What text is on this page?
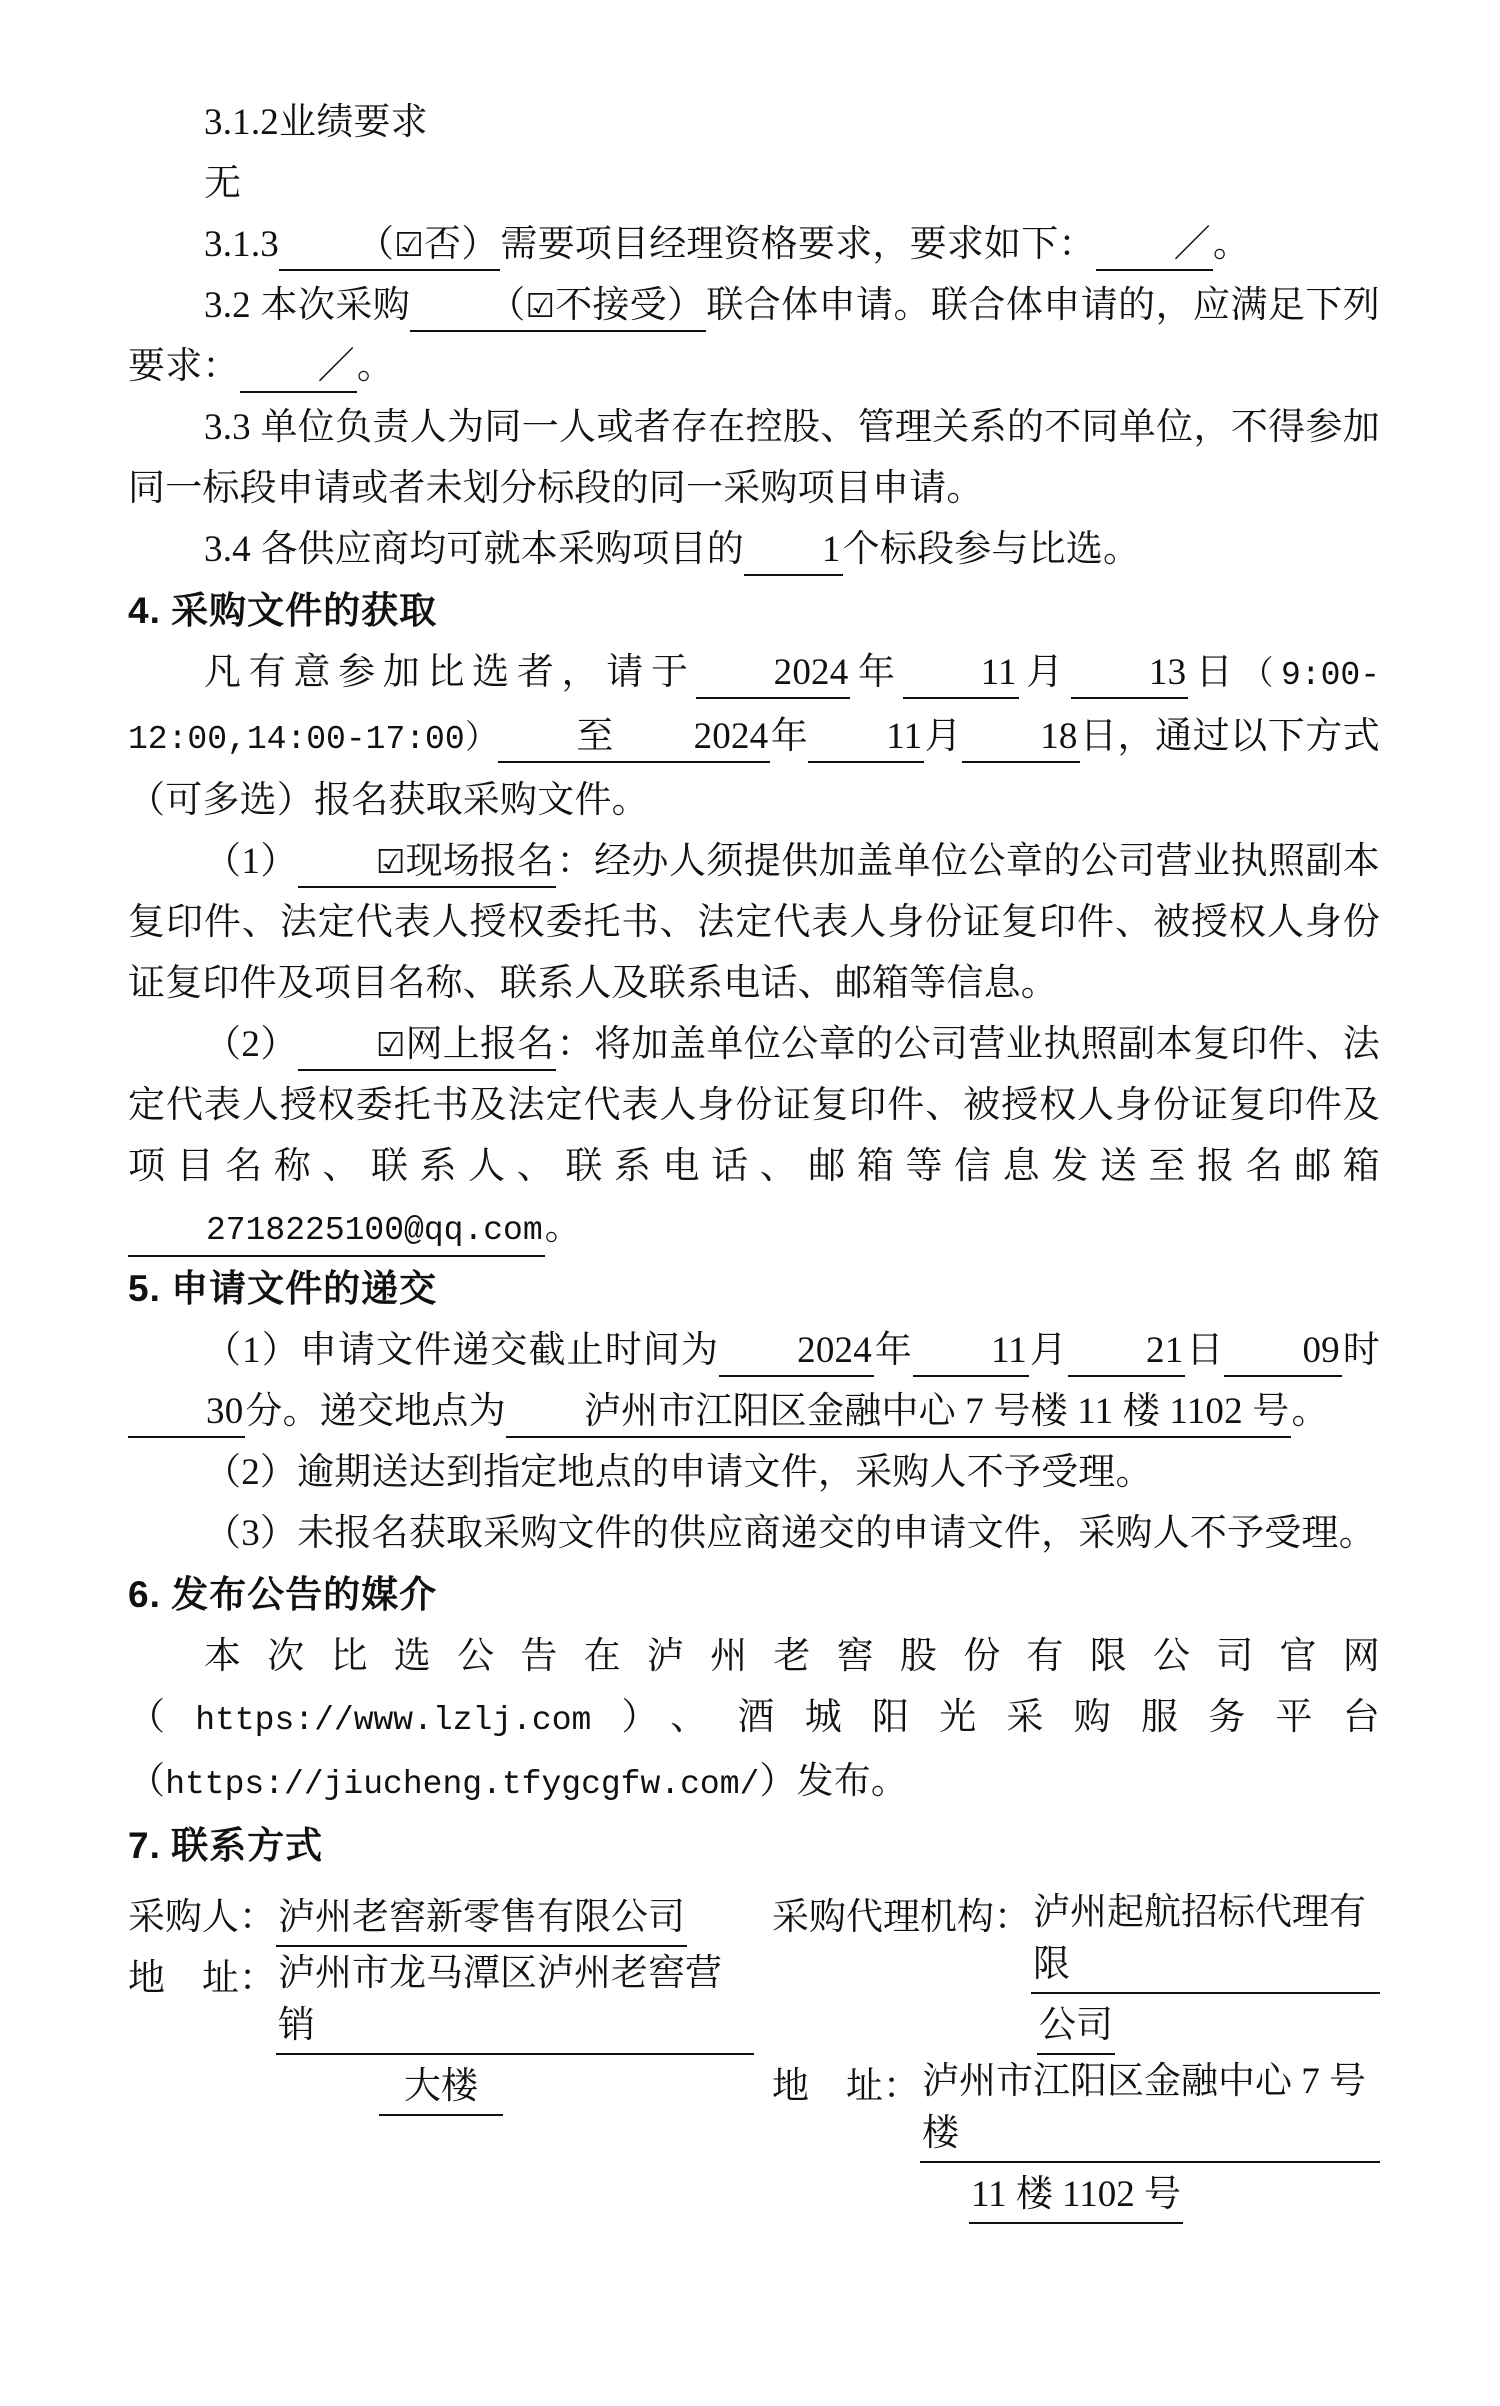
3.1.2业绩要求

无

3.1.3 （☑否）需要项目经理资格要求，要求如下： ／。

3.2 本次采购 （☑不接受）联合体申请。联合体申请的，应满足下列要求： ／。

3.3 单位负责人为同一人或者存在控股、管理关系的不同单位，不得参加同一标段申请或者未划分标段的同一采购项目申请。

3.4 各供应商均可就本采购项目的 1个标段参与比选。

4. 采购文件的获取

凡有意参加比选者，请于 2024年 11月 13日（9:00-12:00,14:00-17:00） 至 2024年 11月 18日，通过以下方式（可多选）报名获取采购文件。

（1） ☑现场报名：经办人须提供加盖单位公章的公司营业执照副本复印件、法定代表人授权委托书、法定代表人身份证复印件、被授权人身份证复印件及项目名称、联系人及联系电话、邮箱等信息。

（2） ☑网上报名：将加盖单位公章的公司营业执照副本复印件、法定代表人授权委托书及法定代表人身份证复印件、被授权人身份证复印件及项目名称、联系人、联系电话、邮箱等信息发送至报名邮箱2718225100@qq.com。

5. 申请文件的递交

（1）申请文件递交截止时间为 2024年 11月 21日 09时30分。递交地点为 泸州市江阳区金融中心 7 号楼 11 楼 1102 号。

（2）逾期送达到指定地点的申请文件，采购人不予受理。

（3）未报名获取采购文件的供应商递交的申请文件，采购人不予受理。

6. 发布公告的媒介

本次比选公告在泸州老窖股份有限公司官网（https://www.lzlj.com）、酒城阳光采购服务平台（https://jiucheng.tfygcgfw.com/）发布。

7. 联系方式

采购人： 泸州老窖新零售有限公司
地　址： 泸州市龙马潭区泸州老窖营销
大楼
采购代理机构： 泸州起航招标代理有限
公司
地　址： 泸州市江阳区金融中心 7 号楼
11 楼 1102 号
